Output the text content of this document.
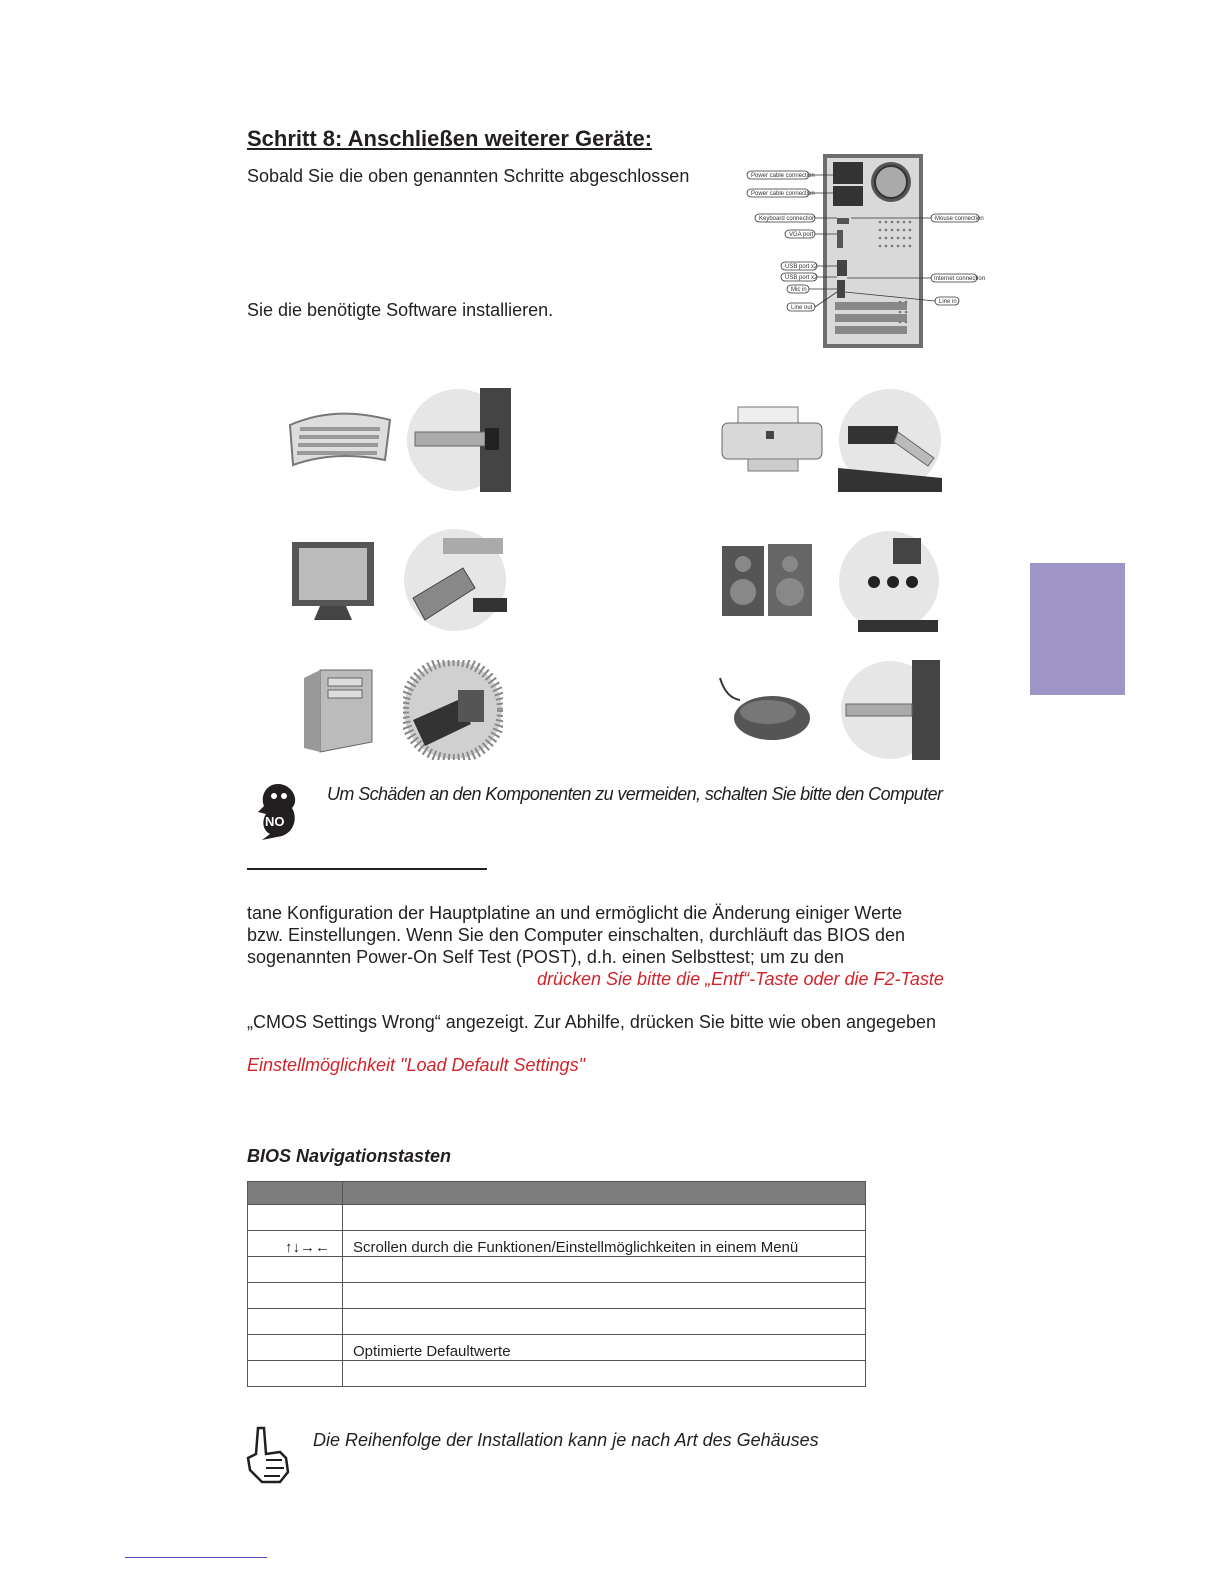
Schritt 8: Anschließen weiterer Geräte:
Sobald Sie die oben genannten Schritte abgeschlossen
Sie die benötigte Software installieren.
Power cable connection
Power cable connection
Keyboard connection
VGA port
USB port x2
USB port x2
Mic in
Line out
Mouse connection
Internet connection
Line in
NO
Um Schäden an den Komponenten zu vermeiden, schalten Sie bitte den Computer
tane Konfiguration der Hauptplatine an und ermöglicht die Änderung einiger Werte
bzw. Einstellungen. Wenn Sie den Computer einschalten, durchläuft das BIOS den
sogenannten Power-On Self Test (POST), d.h. einen Selbsttest; um zu den
drücken Sie bitte die „Entf“-Taste oder die F2-Taste
„CMOS Settings Wrong“ angezeigt. Zur Abhilfe, drücken Sie bitte wie oben angegeben
Einstellmöglichkeit "Load Default Settings"
BIOS Navigationstasten

↑↓→←	Scrollen durch die Funktionen/Einstellmöglichkeiten in einem Menü

	Optimierte Defaultwerte

Die Reihenfolge der Installation kann je nach Art des Gehäuses
